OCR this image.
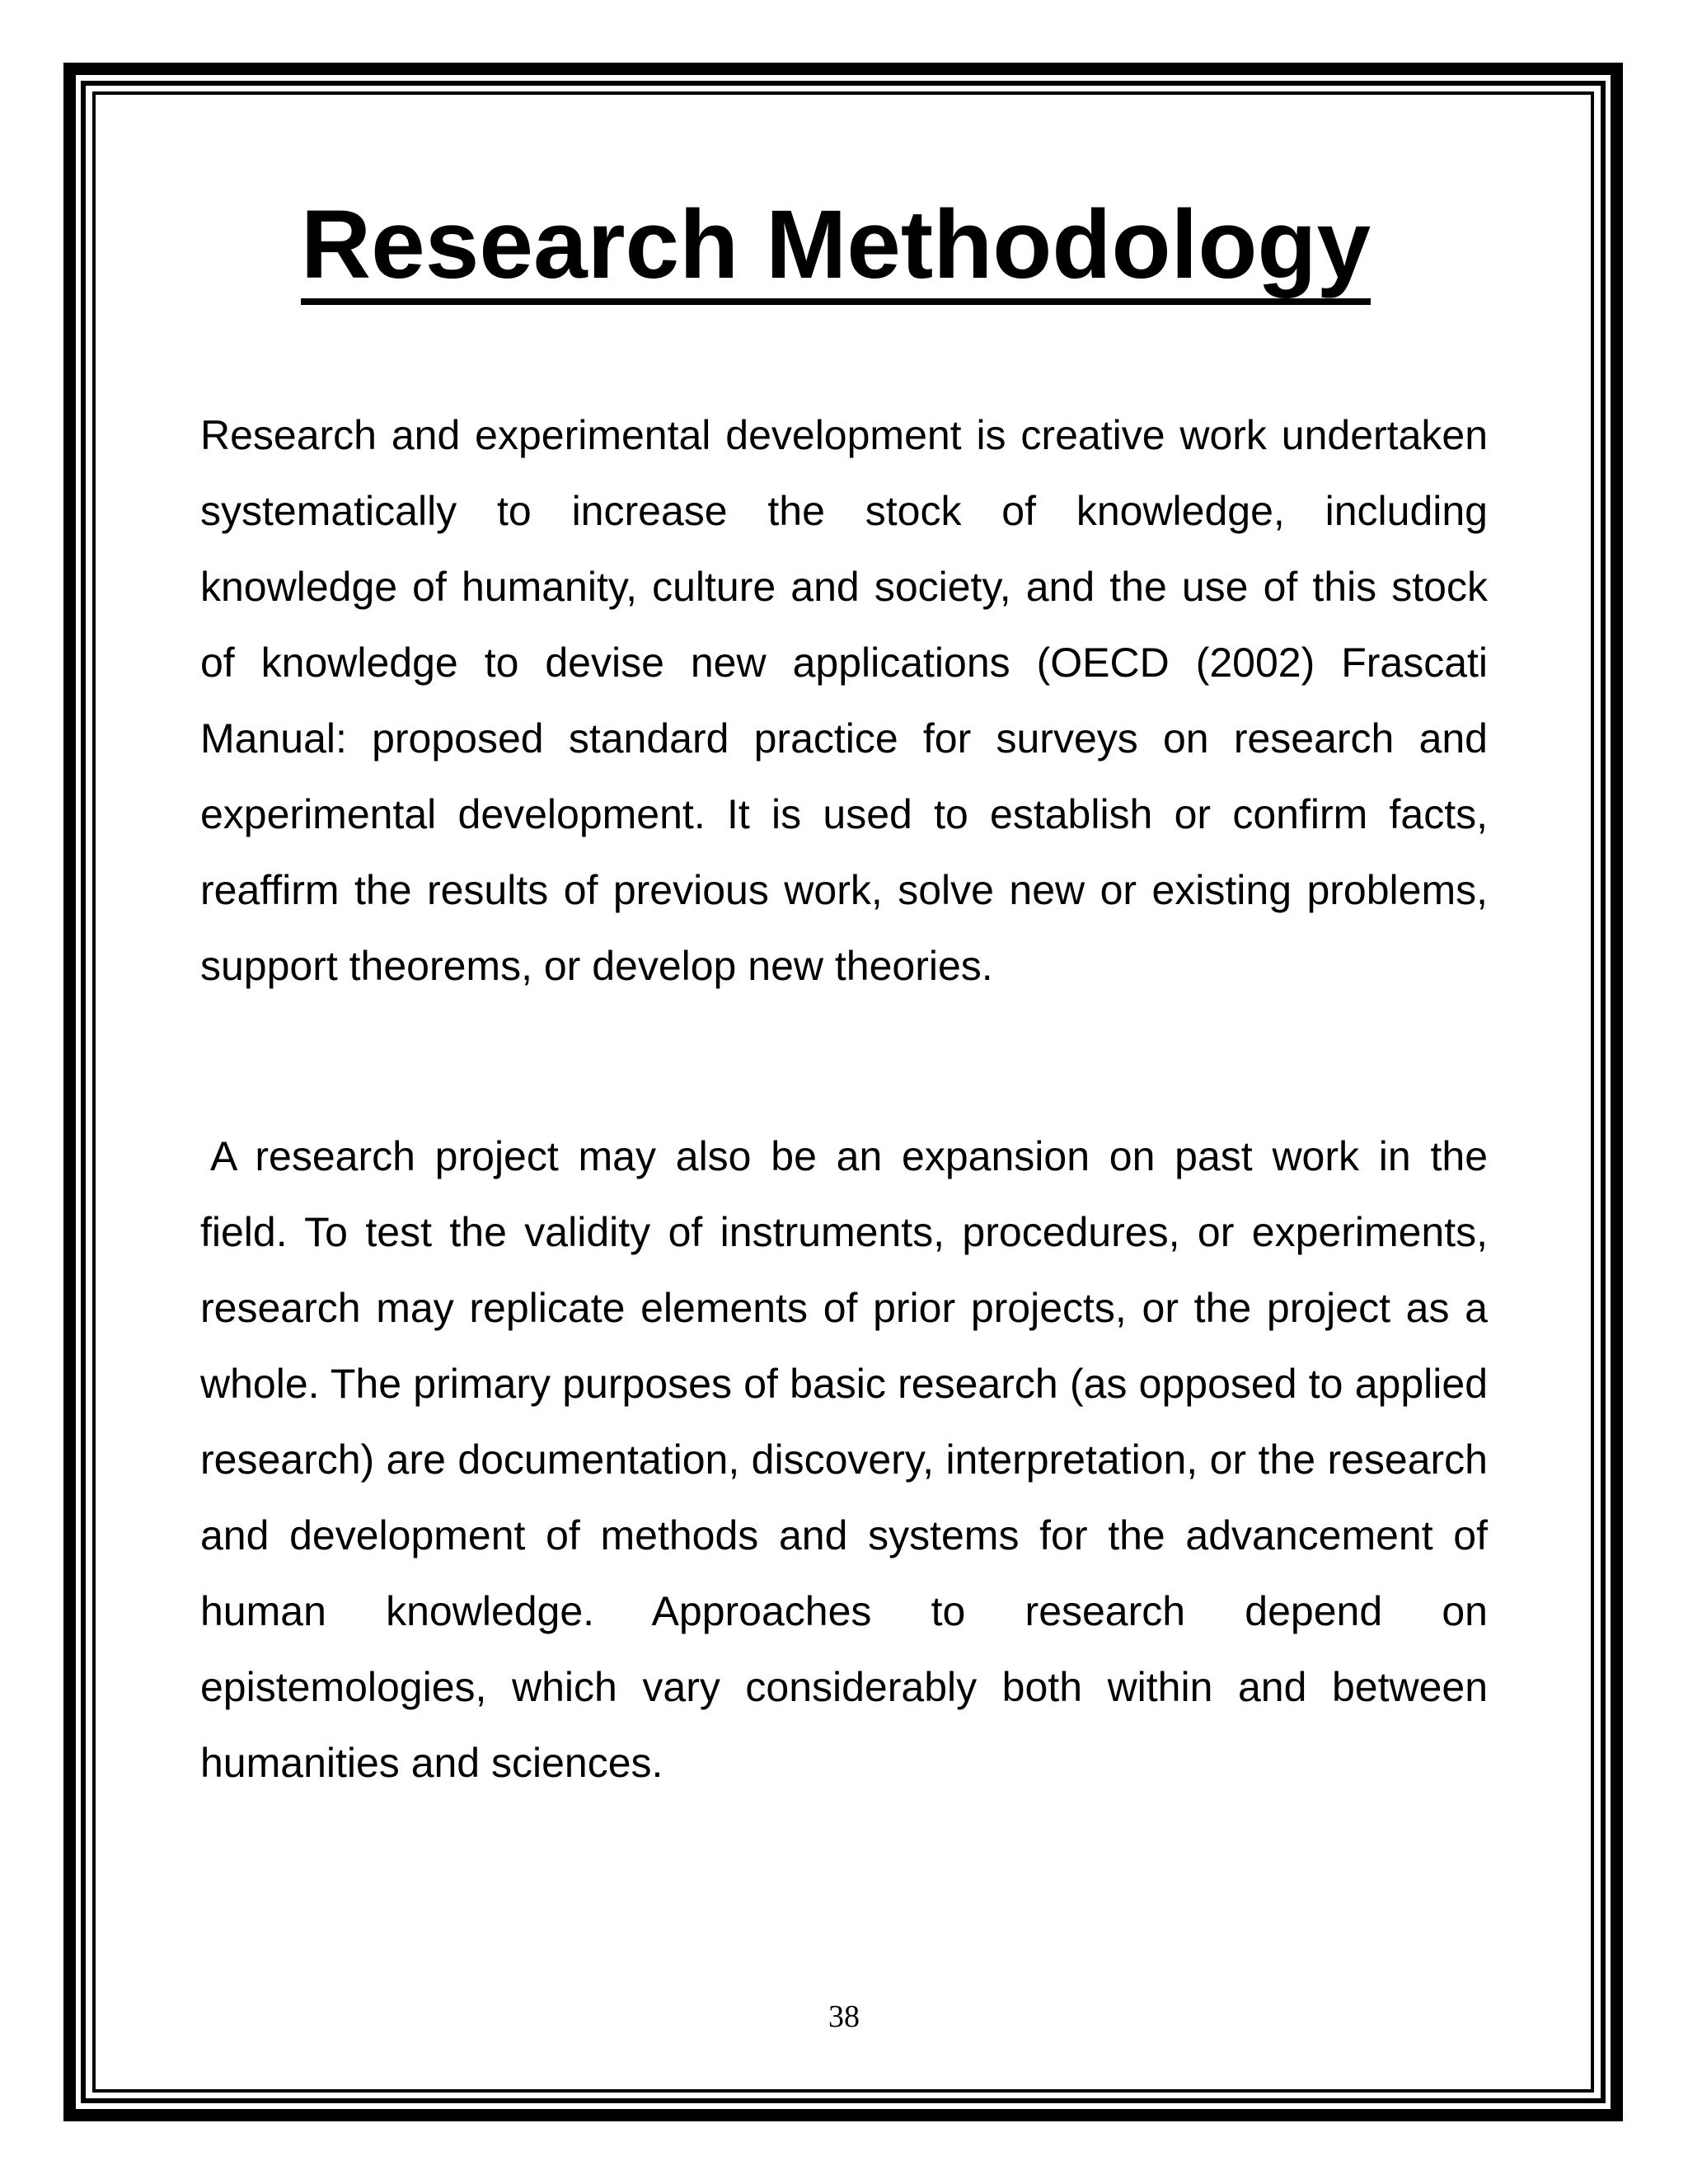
Research Methodology

Research and experimental development is creative work undertaken systematically to increase the stock of knowledge, including knowledge of humanity, culture and society, and the use of this stock of knowledge to devise new applications (OECD (2002) Frascati Manual: proposed standard practice for surveys on research and experimental development. It is used to establish or confirm facts, reaffirm the results of previous work, solve new or existing problems, support theorems, or develop new theories.

A research project may also be an expansion on past work in the field. To test the validity of instruments, procedures, or experiments, research may replicate elements of prior projects, or the project as a whole. The primary purposes of basic research (as opposed to applied research) are documentation, discovery, interpretation, or the research and development of methods and systems for the advancement of human knowledge. Approaches to research depend on epistemologies, which vary considerably both within and between humanities and sciences.

38
